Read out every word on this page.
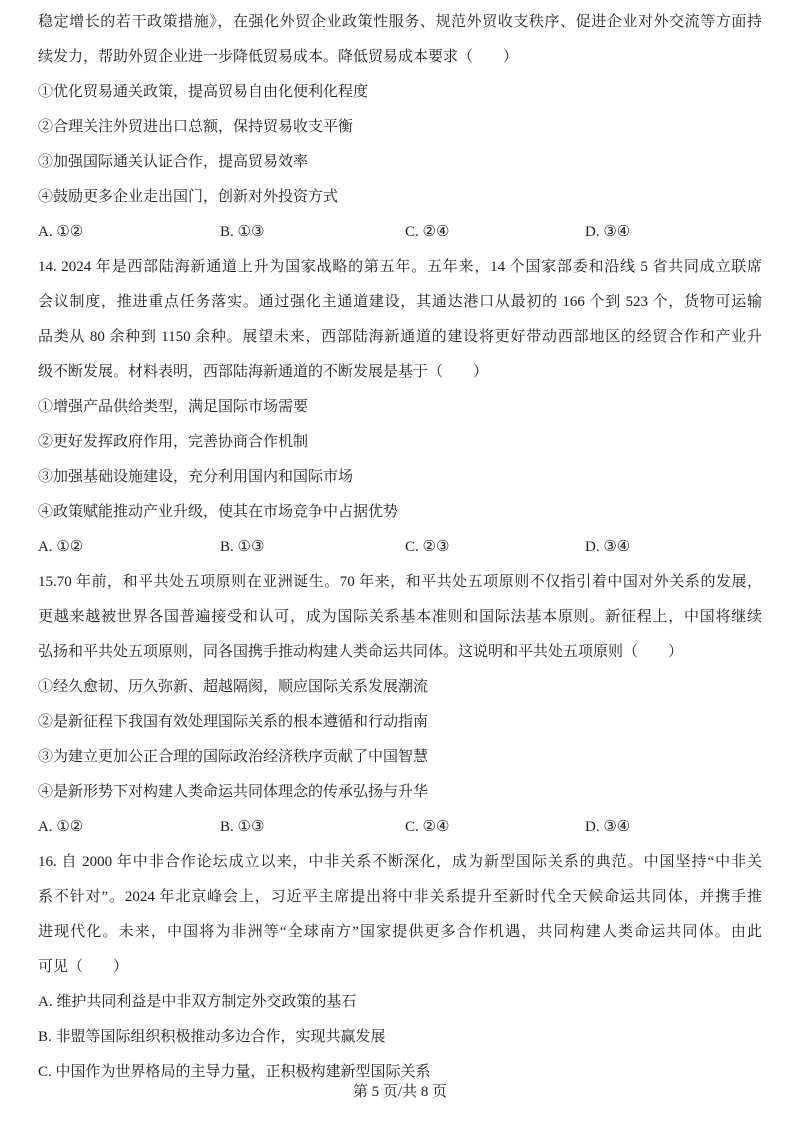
稳定增长的若干政策措施》，在强化外贸企业政策性服务、规范外贸收支秩序、促进企业对外交流等方面持
续发力，帮助外贸企业进一步降低贸易成本。降低贸易成本要求（　　）
①优化贸易通关政策，提高贸易自由化便利化程度
②合理关注外贸进出口总额，保持贸易收支平衡
③加强国际通关认证合作，提高贸易效率
④鼓励更多企业走出国门，创新对外投资方式
A. ①②	B. ①③	C. ②④	D. ③④
14. 2024 年是西部陆海新通道上升为国家战略的第五年。五年来，14 个国家部委和沿线 5 省共同成立联席
会议制度，推进重点任务落实。通过强化主通道建设，其通达港口从最初的 166 个到 523 个，货物可运输
品类从 80 余种到 1150 余种。展望未来，西部陆海新通道的建设将更好带动西部地区的经贸合作和产业升
级不断发展。材料表明，西部陆海新通道的不断发展是基于（　　）
①增强产品供给类型，满足国际市场需要
②更好发挥政府作用，完善协商合作机制
③加强基础设施建设，充分利用国内和国际市场
④政策赋能推动产业升级，使其在市场竞争中占据优势
A. ①②	B. ①③	C. ②③	D. ③④
15.70 年前，和平共处五项原则在亚洲诞生。70 年来，和平共处五项原则不仅指引着中国对外关系的发展，
更越来越被世界各国普遍接受和认可，成为国际关系基本准则和国际法基本原则。新征程上，中国将继续
弘扬和平共处五项原则，同各国携手推动构建人类命运共同体。这说明和平共处五项原则（　　）
①经久愈韧、历久弥新、超越隔阂，顺应国际关系发展潮流
②是新征程下我国有效处理国际关系的根本遵循和行动指南
③为建立更加公正合理的国际政治经济秩序贡献了中国智慧
④是新形势下对构建人类命运共同体理念的传承弘扬与升华
A. ①②	B. ①③	C. ②④	D. ③④
16. 自 2000 年中非合作论坛成立以来，中非关系不断深化，成为新型国际关系的典范。中国坚持“中非关
系不针对”。2024 年北京峰会上，习近平主席提出将中非关系提升至新时代全天候命运共同体，并携手推
进现代化。未来，中国将为非洲等“全球南方”国家提供更多合作机遇，共同构建人类命运共同体。由此
可见（　　）
A. 维护共同利益是中非双方制定外交政策的基石
B. 非盟等国际组织积极推动多边合作，实现共赢发展
C. 中国作为世界格局的主导力量，正积极构建新型国际关系
第 5 页/共 8 页
